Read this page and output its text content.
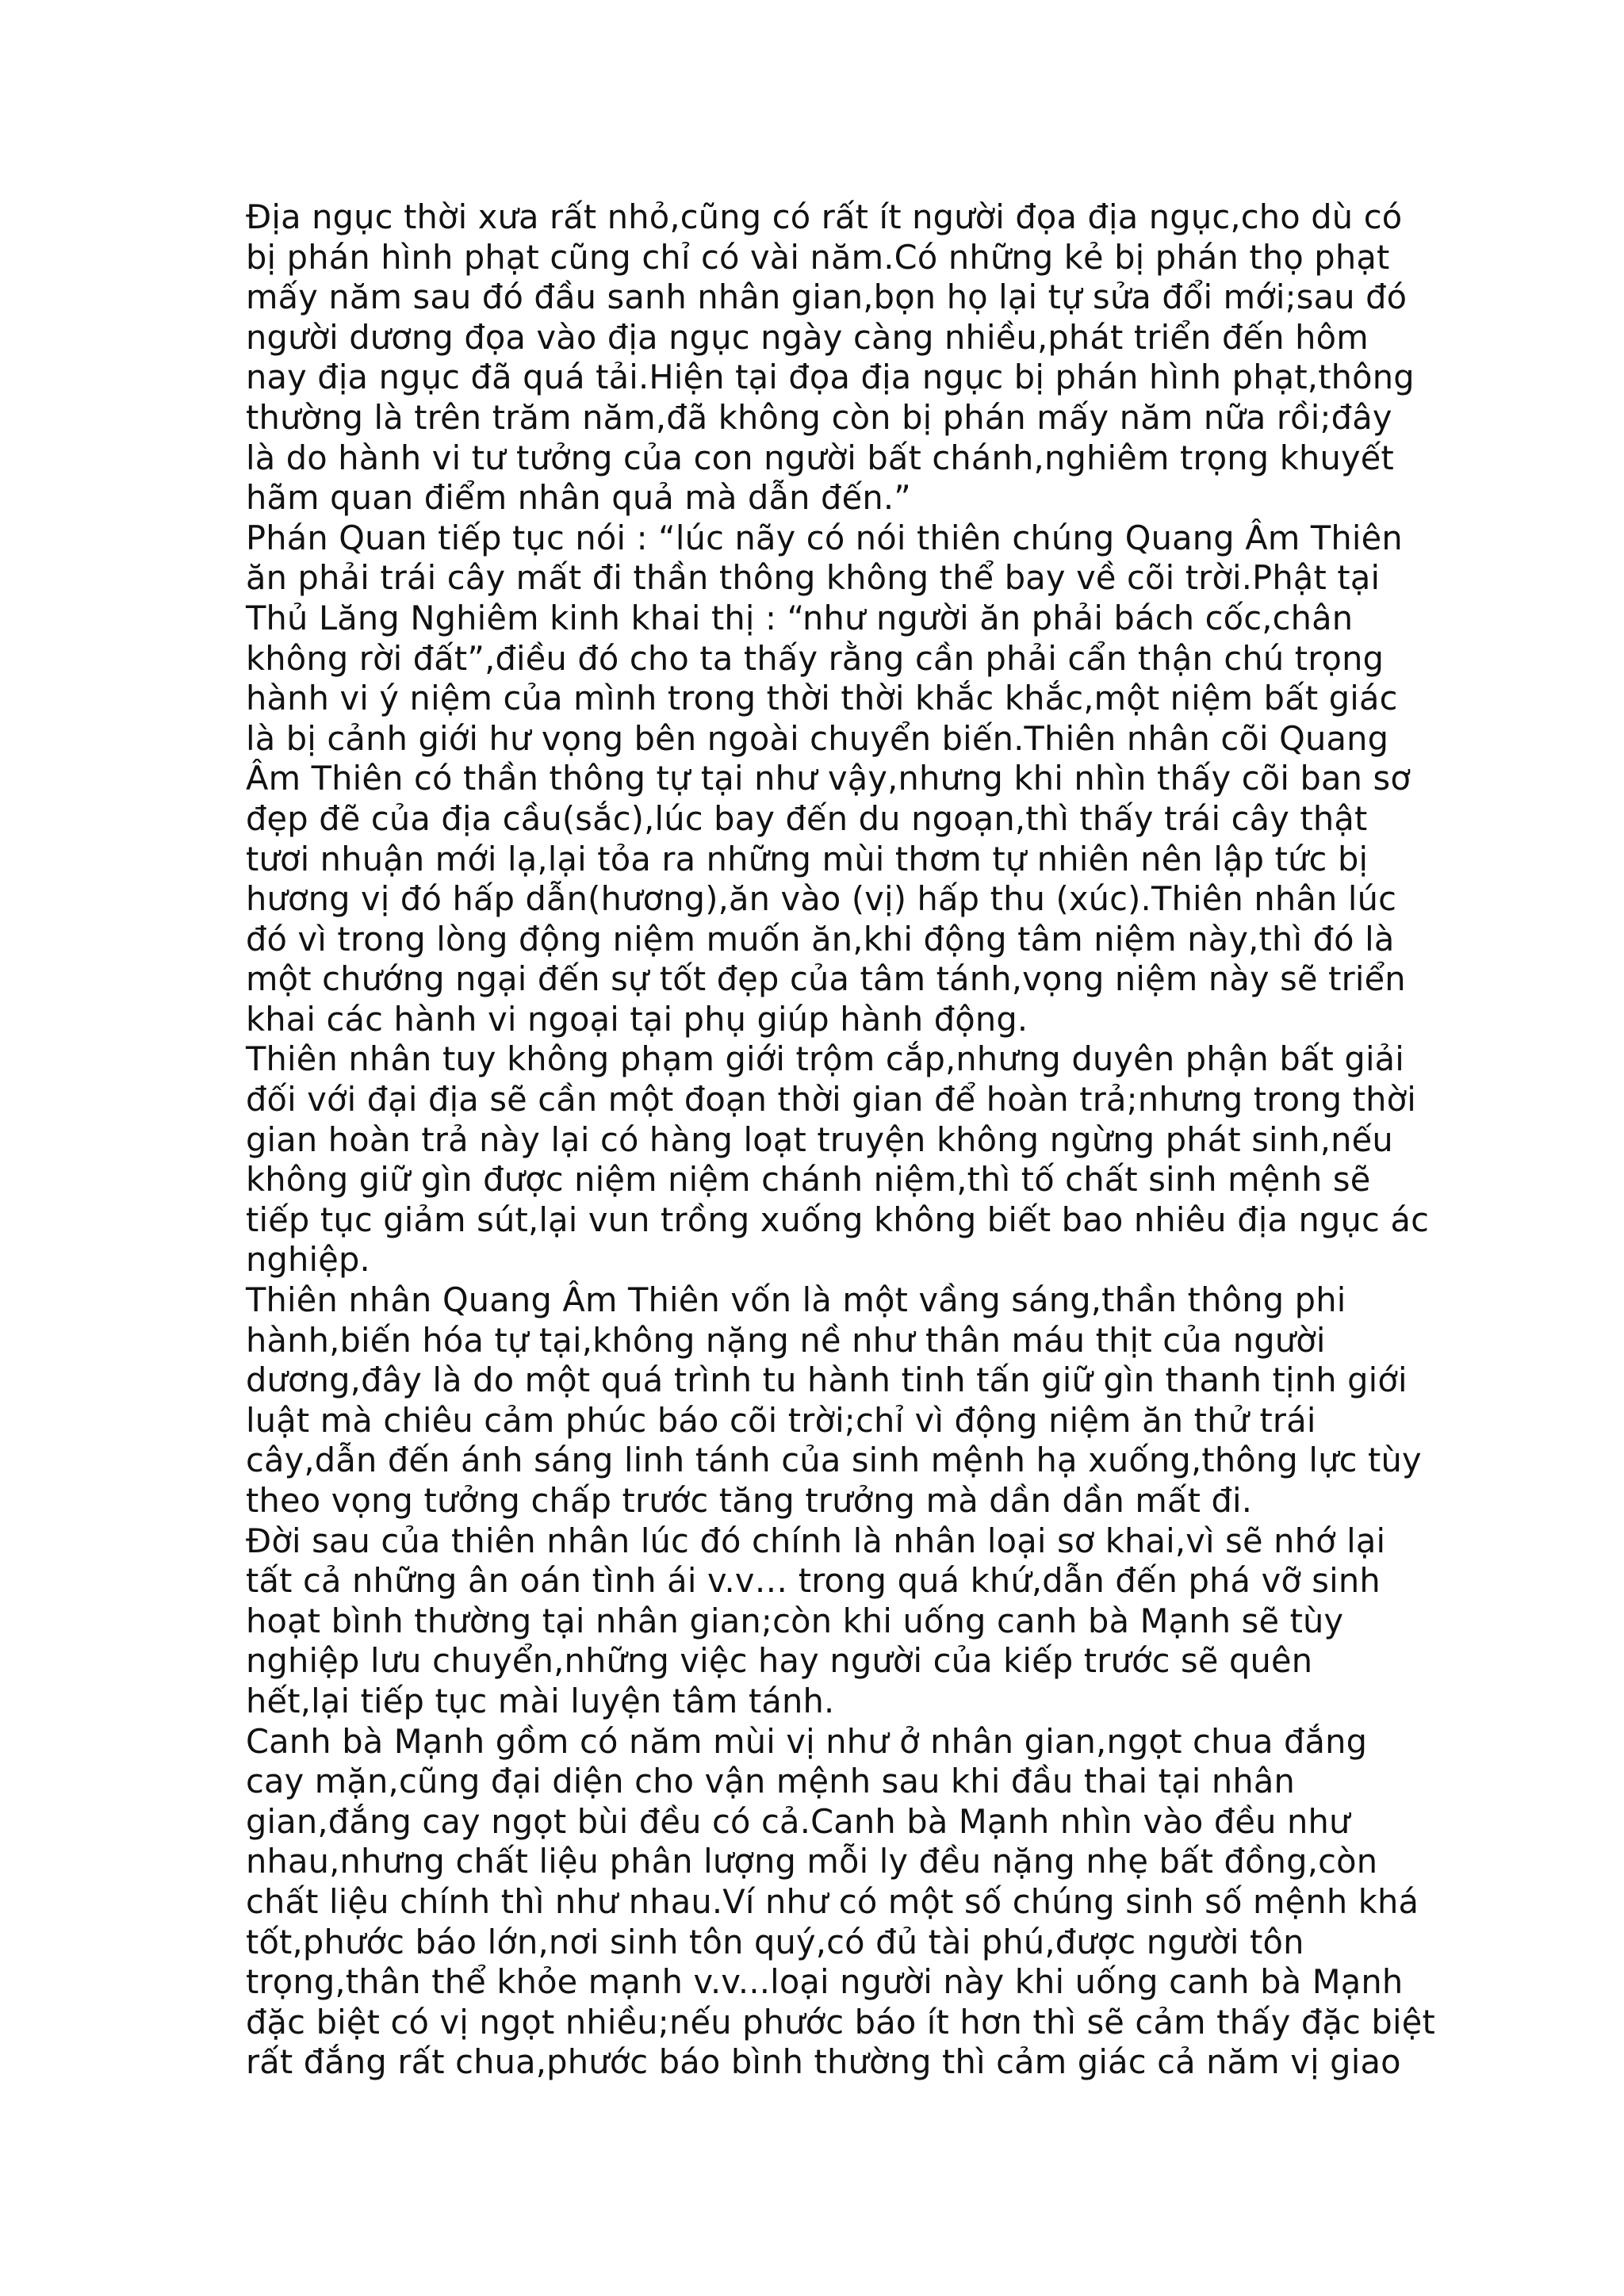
Địa ngục thời xưa rất nhỏ,cũng có rất ít người đọa địa ngục,cho dù có
bị phán hình phạt cũng chỉ có vài năm.Có những kẻ bị phán thọ phạt
mấy năm sau đó đầu sanh nhân gian,bọn họ lại tự sửa đổi mới;sau đó
người dương đọa vào địa ngục ngày càng nhiều,phát triển đến hôm
nay địa ngục đã quá tải.Hiện tại đọa địa ngục bị phán hình phạt,thông
thường là trên trăm năm,đã không còn bị phán mấy năm nữa rồi;đây
là do hành vi tư tưởng của con người bất chánh,nghiêm trọng khuyết
hãm quan điểm nhân quả mà dẫn đến.”
Phán Quan tiếp tục nói : “lúc nãy có nói thiên chúng Quang Âm Thiên
ăn phải trái cây mất đi thần thông không thể bay về cõi trời.Phật tại
Thủ Lăng Nghiêm kinh khai thị : “như người ăn phải bách cốc,chân
không rời đất”,điều đó cho ta thấy rằng cần phải cẩn thận chú trọng
hành vi ý niệm của mình trong thời thời khắc khắc,một niệm bất giác
là bị cảnh giới hư vọng bên ngoài chuyển biến.Thiên nhân cõi Quang
Âm Thiên có thần thông tự tại như vậy,nhưng khi nhìn thấy cõi ban sơ
đẹp đẽ của địa cầu(sắc),lúc bay đến du ngoạn,thì thấy trái cây thật
tươi nhuận mới lạ,lại tỏa ra những mùi thơm tự nhiên nên lập tức bị
hương vị đó hấp dẫn(hương),ăn vào (vị) hấp thu (xúc).Thiên nhân lúc
đó vì trong lòng động niệm muốn ăn,khi động tâm niệm này,thì đó là
một chướng ngại đến sự tốt đẹp của tâm tánh,vọng niệm này sẽ triển
khai các hành vi ngoại tại phụ giúp hành động.
Thiên nhân tuy không phạm giới trộm cắp,nhưng duyên phận bất giải
đối với đại địa sẽ cần một đoạn thời gian để hoàn trả;nhưng trong thời
gian hoàn trả này lại có hàng loạt truyện không ngừng phát sinh,nếu
không giữ gìn được niệm niệm chánh niệm,thì tố chất sinh mệnh sẽ
tiếp tục giảm sút,lại vun trồng xuống không biết bao nhiêu địa ngục ác
nghiệp.
Thiên nhân Quang Âm Thiên vốn là một vầng sáng,thần thông phi
hành,biến hóa tự tại,không nặng nề như thân máu thịt của người
dương,đây là do một quá trình tu hành tinh tấn giữ gìn thanh tịnh giới
luật mà chiêu cảm phúc báo cõi trời;chỉ vì động niệm ăn thử trái
cây,dẫn đến ánh sáng linh tánh của sinh mệnh hạ xuống,thông lực tùy
theo vọng tưởng chấp trước tăng trưởng mà dần dần mất đi.
Đời sau của thiên nhân lúc đó chính là nhân loại sơ khai,vì sẽ nhớ lại
tất cả những ân oán tình ái v.v… trong quá khứ,dẫn đến phá vỡ sinh
hoạt bình thường tại nhân gian;còn khi uống canh bà Mạnh sẽ tùy
nghiệp lưu chuyển,những việc hay người của kiếp trước sẽ quên
hết,lại tiếp tục mài luyện tâm tánh.
Canh bà Mạnh gồm có năm mùi vị như ở nhân gian,ngọt chua đắng
cay mặn,cũng đại diện cho vận mệnh sau khi đầu thai tại nhân
gian,đắng cay ngọt bùi đều có cả.Canh bà Mạnh nhìn vào đều như
nhau,nhưng chất liệu phân lượng mỗi ly đều nặng nhẹ bất đồng,còn
chất liệu chính thì như nhau.Ví như có một số chúng sinh số mệnh khá
tốt,phước báo lớn,nơi sinh tôn quý,có đủ tài phú,được người tôn
trọng,thân thể khỏe mạnh v.v...loại người này khi uống canh bà Mạnh
đặc biệt có vị ngọt nhiều;nếu phước báo ít hơn thì sẽ cảm thấy đặc biệt
rất đắng rất chua,phước báo bình thường thì cảm giác cả năm vị giao
